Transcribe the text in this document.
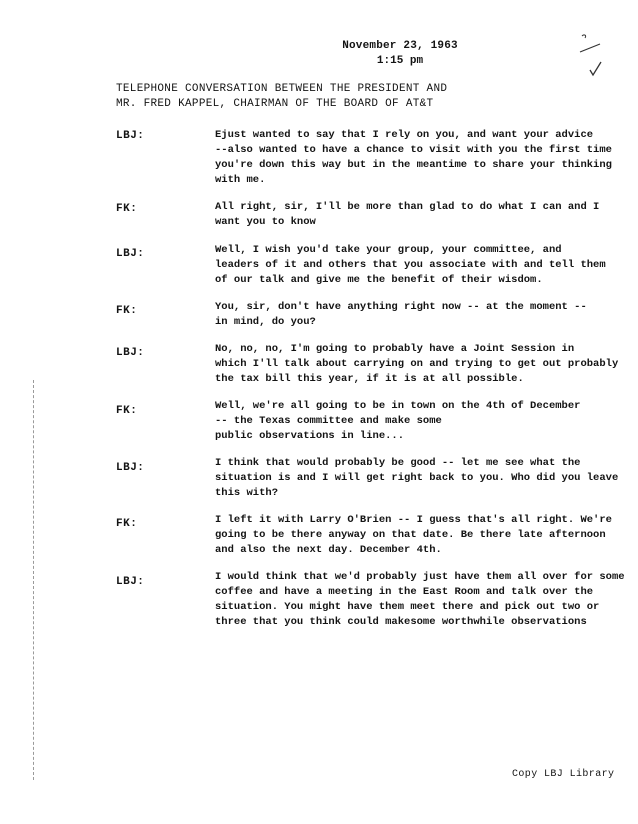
November 23, 1963
1:15 pm
TELEPHONE CONVERSATION BETWEEN THE PRESIDENT AND
MR. FRED KAPPEL, CHAIRMAN OF THE BOARD OF AT&T
LBJ:	Ejust wanted to say that I rely on you, and want your advice
--also wanted to have a chance to visit with you the first time
you're down this way but in the meantime to share your thinking
with me.
FK:	All right, sir, I'll be more than glad to do what I can and I
want you to know
LBJ:	Well, I wish you'd take your group, your committee, and
leaders of it and others that you associate with and tell them
of our talk and give me the benefit of their wisdom.
FK:	You, sir, don't have anything right now -- at the moment --
in mind, do you?
LBJ:	No, no, no, I'm going to probably have a Joint Session in
which I'll talk about carrying on and trying to get out probably
the tax bill this year, if it is at all possible.
FK:	Well, we're all going to be in town on the 4th of December
-- the Texas committee and make some
public observations in line...
LBJ:	I think that would probably be good -- let me see what the
situation is and I will get right back to you. Who did you leave
this with?
FK:	I left it with Larry O'Brien -- I guess that's all right. We're
going to be there anyway on that date. Be there late afternoon
and also the next day. December 4th.
LBJ:	I would think that we'd probably just have them all over for some
coffee and have a meeting in the East Room and talk over the
situation. You might have them meet there and pick out two or
three that you think could makesome worthwhile observations
Copy LBJ Library
